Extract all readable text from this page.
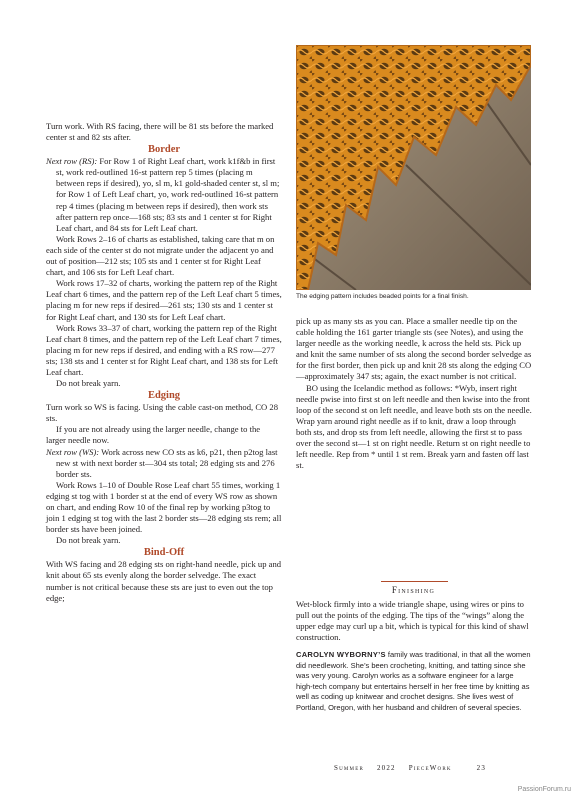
Turn work. With RS facing, there will be 81 sts before the marked center st and 82 sts after.

Border

Next row (RS): For Row 1 of Right Leaf chart, work k1f&b in first st, work red-outlined 16-st pattern rep 5 times (placing m between reps if desired), yo, sl m, k1 gold-shaded center st, sl m; for Row 1 of Left Leaf chart, yo, work red-outlined 16-st pattern rep 4 times (placing m between reps if desired), then work sts after pattern rep once—168 sts; 83 sts and 1 center st for Right Leaf chart, and 84 sts for Left Leaf chart.

Work Rows 2–16 of charts as established, taking care that m on each side of the center st do not migrate under the adjacent yo and out of position—212 sts; 105 sts and 1 center st for Right Leaf chart, and 106 sts for Left Leaf chart.

Work rows 17–32 of charts, working the pattern rep of the Right Leaf chart 6 times, and the pattern rep of the Left Leaf chart 5 times, placing m for new reps if desired—261 sts; 130 sts and 1 center st for Right Leaf chart, and 130 sts for Left Leaf chart.

Work Rows 33–37 of chart, working the pattern rep of the Right Leaf chart 8 times, and the pattern rep of the Left Leaf chart 7 times, placing m for new reps if desired, and ending with a RS row—277 sts; 138 sts and 1 center st for Right Leaf chart, and 138 sts for Left Leaf chart.

Do not break yarn.

Edging

Turn work so WS is facing. Using the cable cast-on method, CO 28 sts.

If you are not already using the larger needle, change to the larger needle now.

Next row (WS): Work across new CO sts as k6, p21, then p2tog last new st with next border st—304 sts total; 28 edging sts and 276 border sts.

Work Rows 1–10 of Double Rose Leaf chart 55 times, working 1 edging st tog with 1 border st at the end of every WS row as shown on chart, and ending Row 10 of the final rep by working p3tog to join 1 edging st tog with the last 2 border sts—28 edging sts rem; all border sts have been joined.

Do not break yarn.

Bind-Off

With WS facing and 28 edging sts on right-hand needle, pick up and knit about 65 sts evenly along the border selvedge. The exact number is not critical because these sts are just to even out the top edge;

The edging pattern includes beaded points for a final finish.

pick up as many sts as you can. Place a smaller needle tip on the cable holding the 161 garter triangle sts (see Notes), and using the larger needle as the working needle, k across the held sts. Pick up and knit the same number of sts along the second border selvedge as for the first border, then pick up and knit 28 sts along the edging CO—approximately 347 sts; again, the exact number is not critical.

BO using the Icelandic method as follows: *Wyb, insert right needle pwise into first st on left needle and then kwise into the front loop of the second st on left needle, and leave both sts on the needle. Wrap yarn around right needle as if to knit, draw a loop through both sts, and drop sts from left needle, allowing the first st to pass over the second st—1 st on right needle. Return st on right needle to left needle. Rep from * until 1 st rem. Break yarn and fasten off last st.

Finishing

Wet-block firmly into a wide triangle shape, using wires or pins to pull out the points of the edging. The tips of the “wings” along the upper edge may curl up a bit, which is typical for this kind of shawl construction.

CAROLYN WYBORNY’S family was traditional, in that all the women did needlework. She’s been crocheting, knitting, and tatting since she was very young. Carolyn works as a software engineer for a large high-tech company but entertains herself in her free time by knitting as well as coding up knitwear and crochet designs. She lives west of Portland, Oregon, with her husband and children of several species.

Summer 2022 PieceWork	23
PassionForum.ru
